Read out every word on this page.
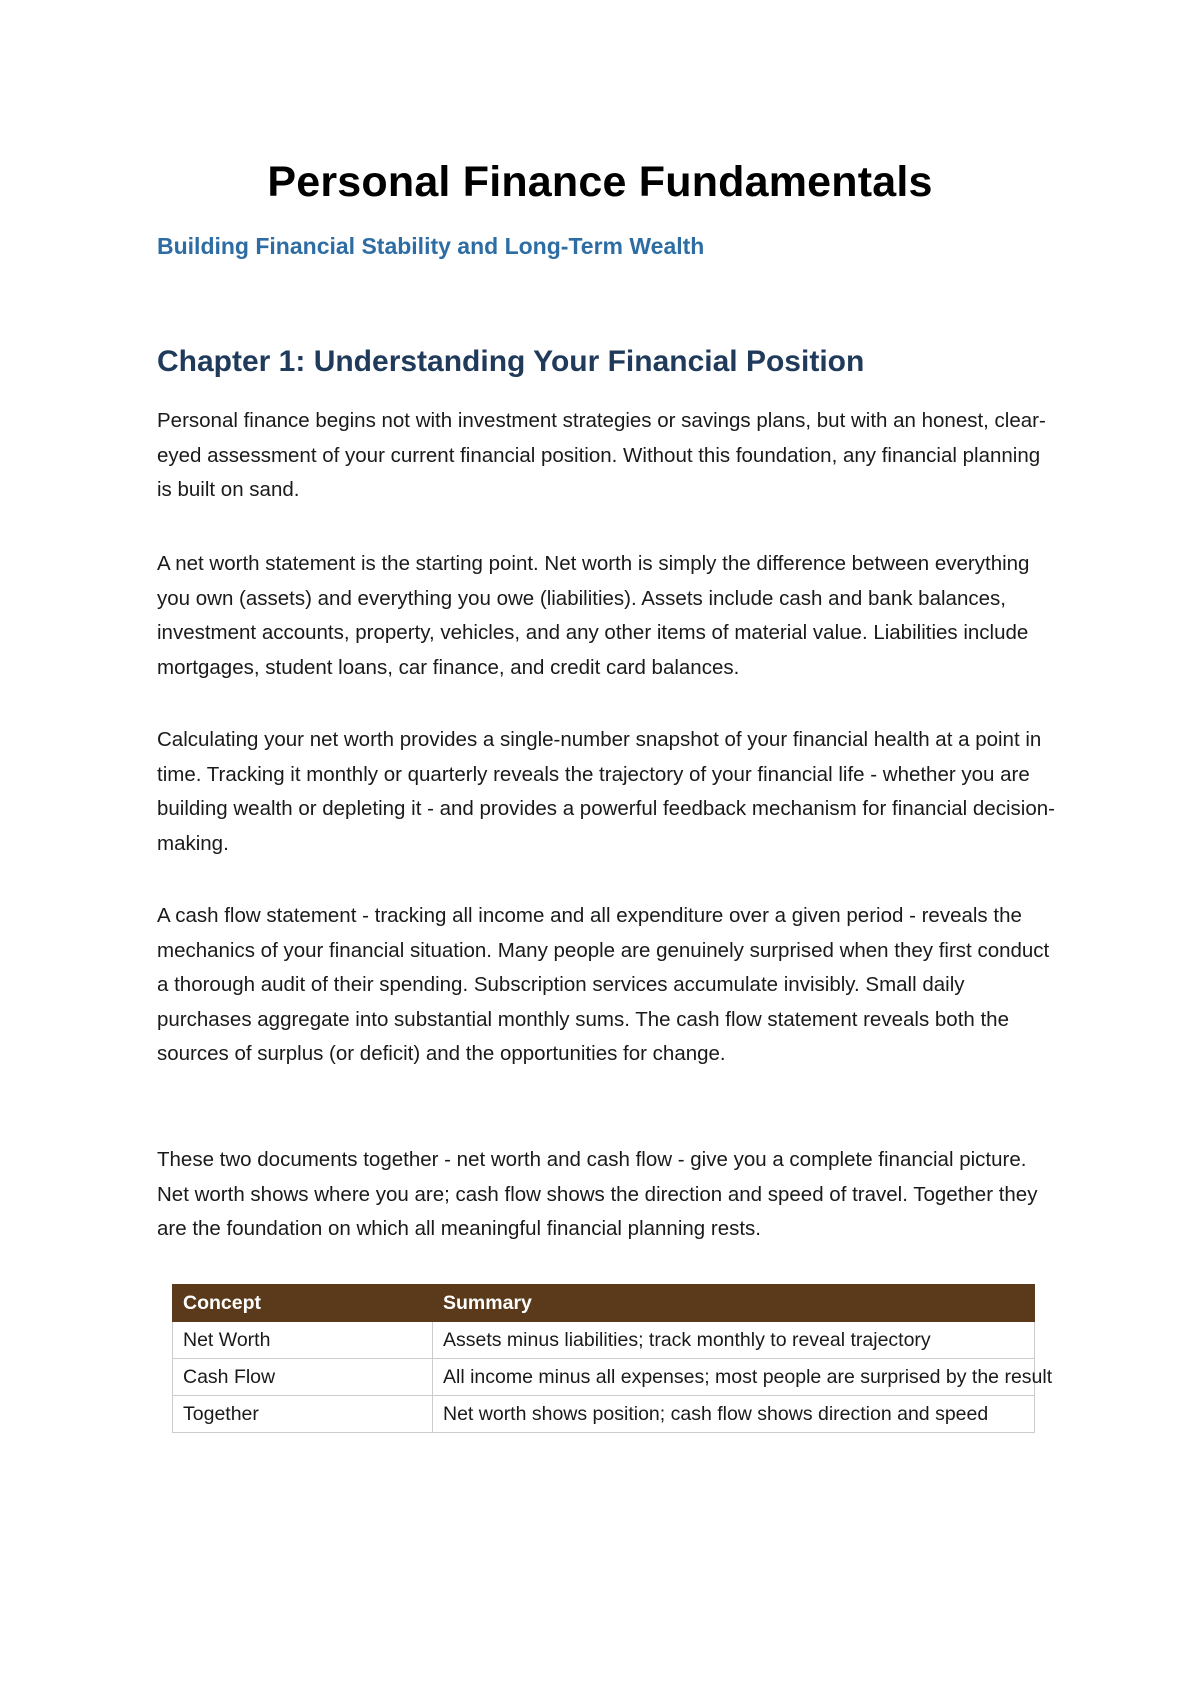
Personal Finance Fundamentals
Building Financial Stability and Long-Term Wealth
Chapter 1: Understanding Your Financial Position

Personal finance begins not with investment strategies or savings plans, but with an honest, clear-eyed assessment of your current financial position. Without this foundation, any financial planning is built on sand.

A net worth statement is the starting point. Net worth is simply the difference between everything you own (assets) and everything you owe (liabilities). Assets include cash and bank balances, investment accounts, property, vehicles, and any other items of material value. Liabilities include mortgages, student loans, car finance, and credit card balances.

Calculating your net worth provides a single-number snapshot of your financial health at a point in time. Tracking it monthly or quarterly reveals the trajectory of your financial life - whether you are building wealth or depleting it - and provides a powerful feedback mechanism for financial decision-making.

A cash flow statement - tracking all income and all expenditure over a given period - reveals the mechanics of your financial situation. Many people are genuinely surprised when they first conduct a thorough audit of their spending. Subscription services accumulate invisibly. Small daily purchases aggregate into substantial monthly sums. The cash flow statement reveals both the sources of surplus (or deficit) and the opportunities for change.

These two documents together - net worth and cash flow - give you a complete financial picture. Net worth shows where you are; cash flow shows the direction and speed of travel. Together they are the foundation on which all meaningful financial planning rests.

Concept	Summary
Net Worth	Assets minus liabilities; track monthly to reveal trajectory
Cash Flow	All income minus all expenses; most people are surprised by the result
Together	Net worth shows position; cash flow shows direction and speed
